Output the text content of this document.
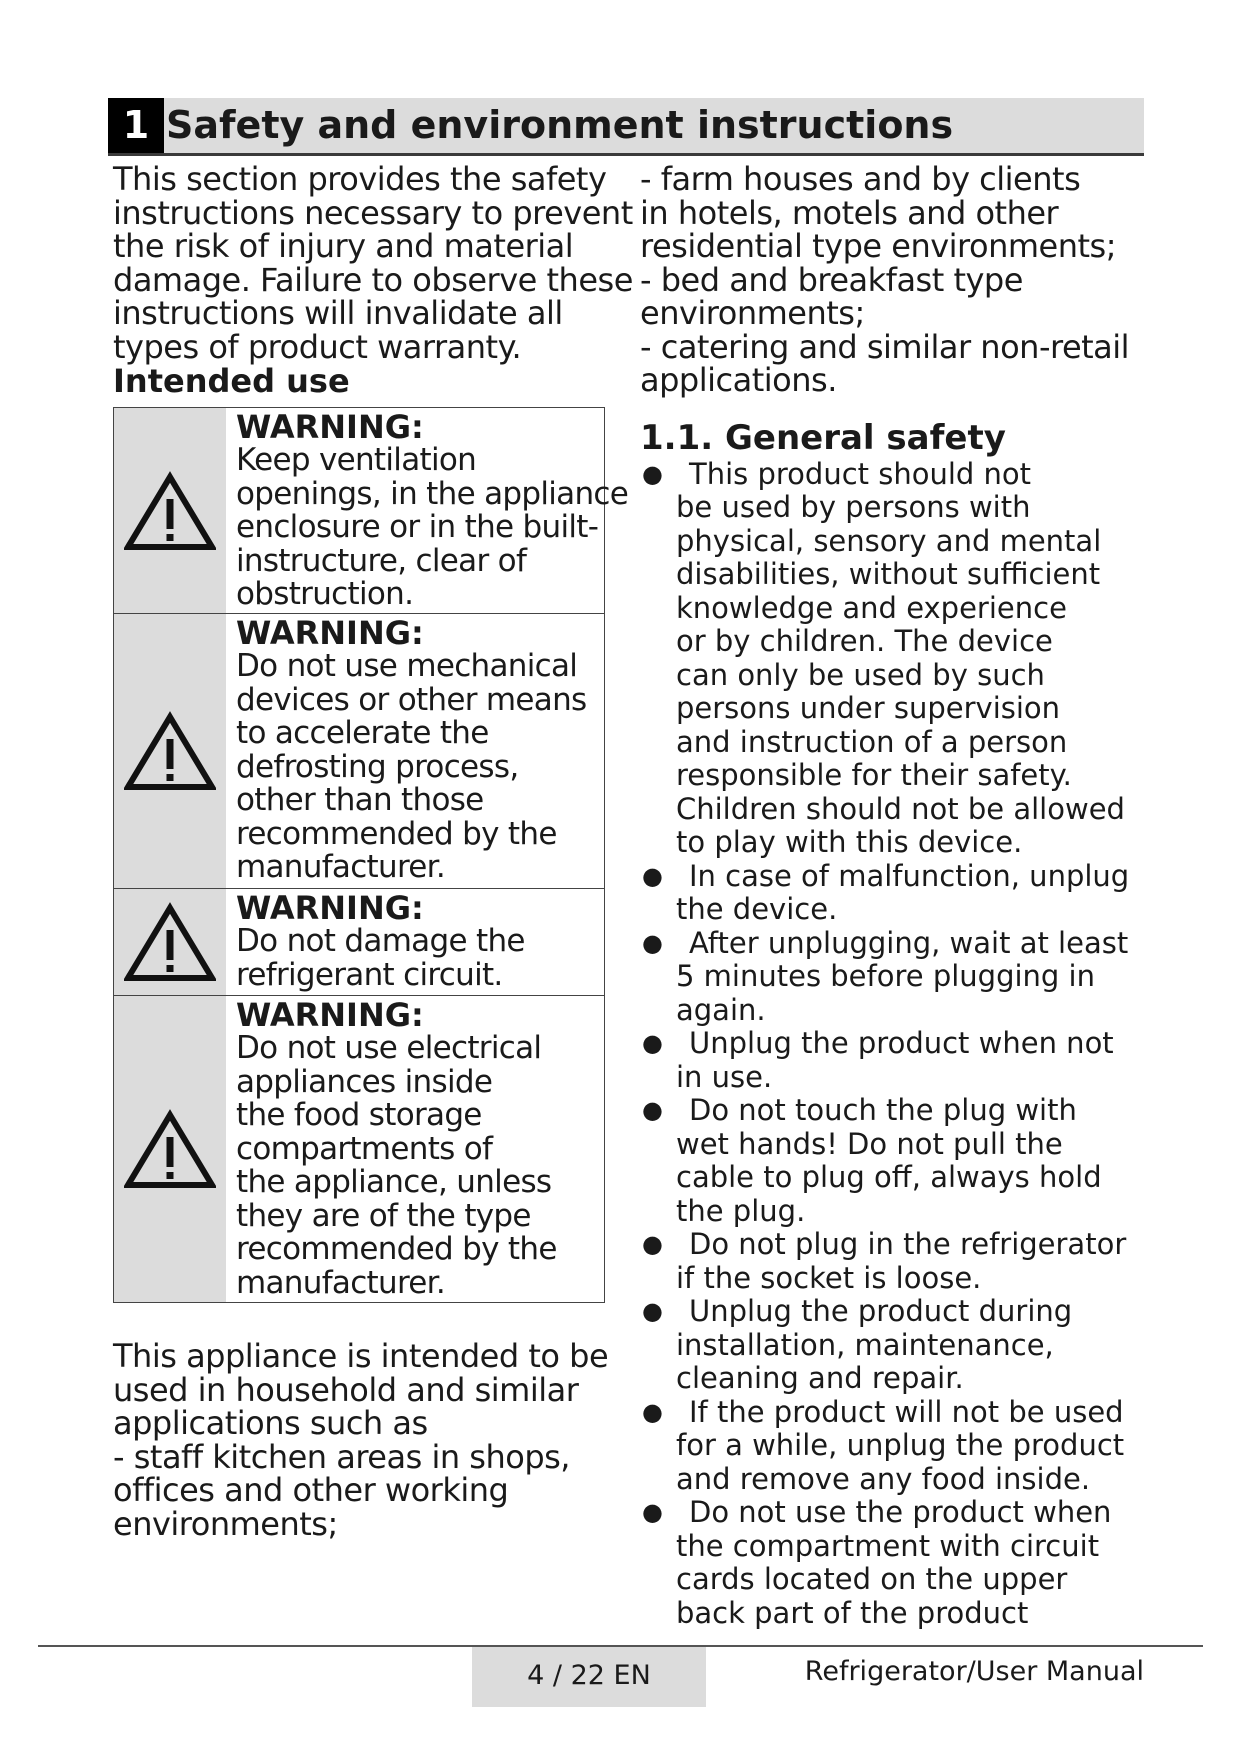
1 Safety and environment instructions
This section provides the safety
instructions necessary to prevent
the risk of injury and material
damage. Failure to observe these
instructions will invalidate all
types of product warranty.
Intended use
WARNING:
Keep ventilation
openings, in the appliance
enclosure or in the built-
instructure, clear of
obstruction.
WARNING:
Do not use mechanical
devices or other means
to accelerate the
defrosting process,
other than those
recommended by the
manufacturer.
WARNING:
Do not damage the
refrigerant circuit.
WARNING:
Do not use electrical
appliances inside
the food storage
compartments of
the appliance, unless
they are of the type
recommended by the
manufacturer.
This appliance is intended to be
used in household and similar
applications such as
- staff kitchen areas in shops,
offices and other working
environments;
- farm houses and by clients
in hotels, motels and other
residential type environments;
- bed and breakfast type
environments;
- catering and similar non-retail
applications.
1.1. General safety
● This product should not
be used by persons with
physical, sensory and mental
disabilities, without sufficient
knowledge and experience
or by children. The device
can only be used by such
persons under supervision
and instruction of a person
responsible for their safety.
Children should not be allowed
to play with this device.
● In case of malfunction, unplug
the device.
● After unplugging, wait at least
5 minutes before plugging in
again.
● Unplug the product when not
in use.
● Do not touch the plug with
wet hands! Do not pull the
cable to plug off, always hold
the plug.
● Do not plug in the refrigerator
if the socket is loose.
● Unplug the product during
installation, maintenance,
cleaning and repair.
● If the product will not be used
for a while, unplug the product
and remove any food inside.
● Do not use the product when
the compartment with circuit
cards located on the upper
back part of the product
4 / 22 EN	Refrigerator/User Manual
